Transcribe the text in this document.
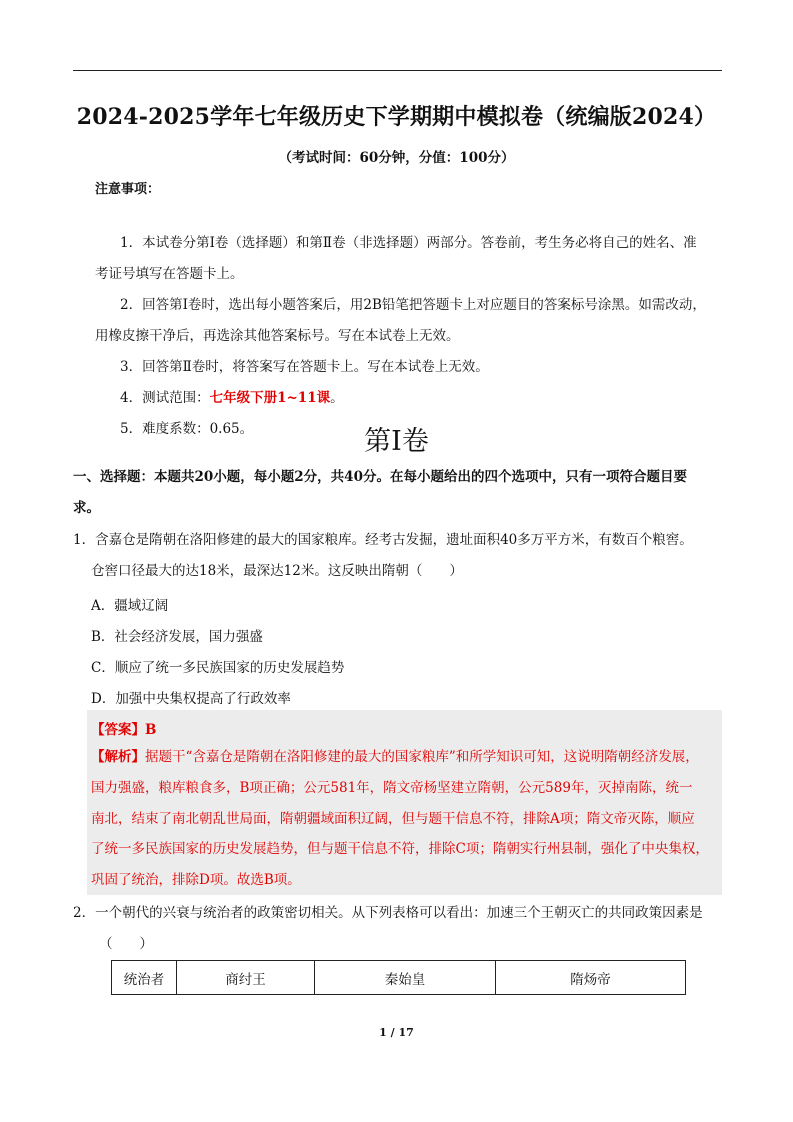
2024-2025学年七年级历史下学期期中模拟卷（统编版2024）
（考试时间：60分钟，分值：100分）
注意事项：
1．本试卷分第Ⅰ卷（选择题）和第Ⅱ卷（非选择题）两部分。答卷前，考生务必将自己的姓名、准
考证号填写在答题卡上。
2．回答第Ⅰ卷时，选出每小题答案后，用2B铅笔把答题卡上对应题目的答案标号涂黑。如需改动，
用橡皮擦干净后，再选涂其他答案标号。写在本试卷上无效。
3．回答第Ⅱ卷时，将答案写在答题卡上。写在本试卷上无效。
4．测试范围：七年级下册1~11课。
5．难度系数：0.65。	第Ⅰ卷
一、选择题：本题共20小题，每小题2分，共40分。在每小题给出的四个选项中，只有一项符合题目要
求。
1．含嘉仓是隋朝在洛阳修建的最大的国家粮库。经考古发掘，遗址面积40多万平方米，有数百个粮窖。
仓窖口径最大的达18米，最深达12米。这反映出隋朝（　　）
A．疆域辽阔
B．社会经济发展，国力强盛
C．顺应了统一多民族国家的历史发展趋势
D．加强中央集权提高了行政效率
【答案】B
【解析】据题干“含嘉仓是隋朝在洛阳修建的最大的国家粮库”和所学知识可知，这说明隋朝经济发展，
国力强盛，粮库粮食多，B项正确；公元581年，隋文帝杨坚建立隋朝，公元589年，灭掉南陈，统一
南北，结束了南北朝乱世局面，隋朝疆域面积辽阔，但与题干信息不符，排除A项；隋文帝灭陈，顺应
了统一多民族国家的历史发展趋势，但与题干信息不符，排除C项；隋朝实行州县制，强化了中央集权，
巩固了统治，排除D项。故选B项。
2．一个朝代的兴衰与统治者的政策密切相关。从下列表格可以看出：加速三个王朝灭亡的共同政策因素是
（　　）
统治者	商纣王	秦始皇	隋炀帝
1 / 17
